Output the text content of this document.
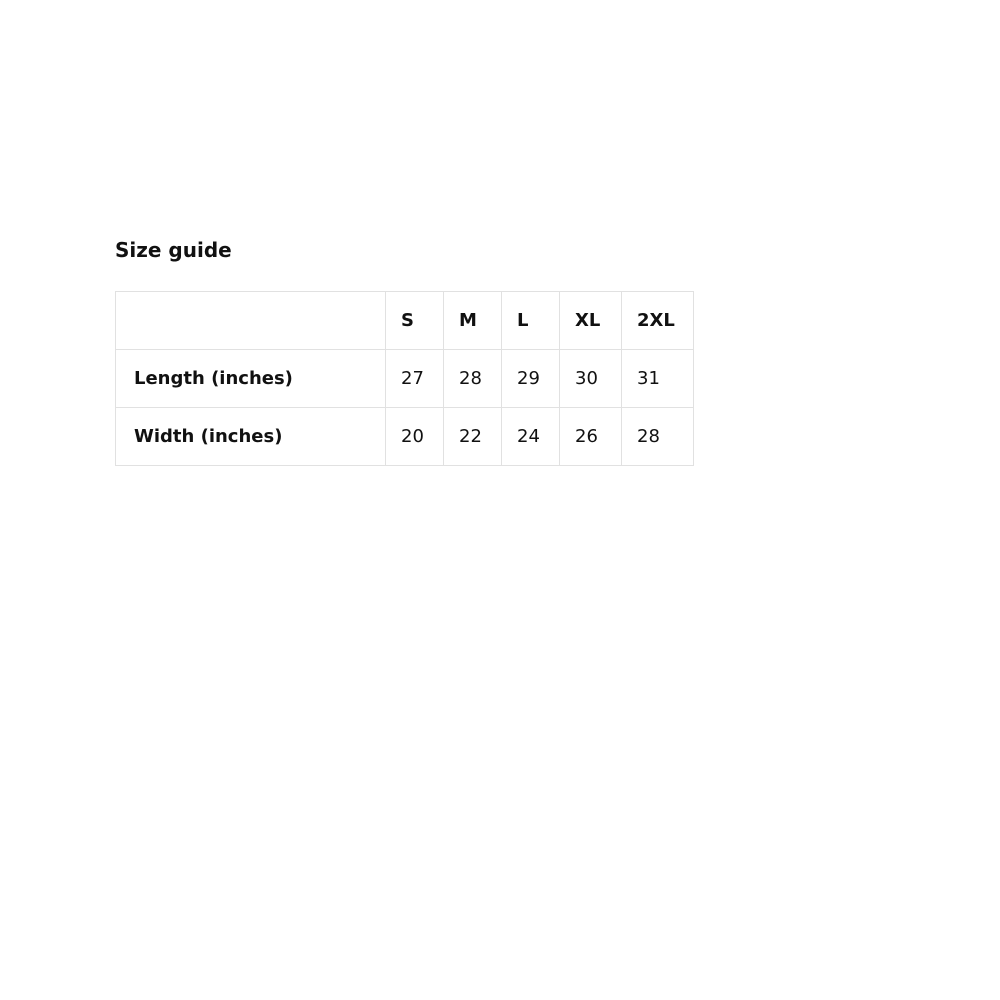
Size guide
	S	M	L	XL	2XL
Length (inches)	27	28	29	30	31
Width (inches)	20	22	24	26	28
